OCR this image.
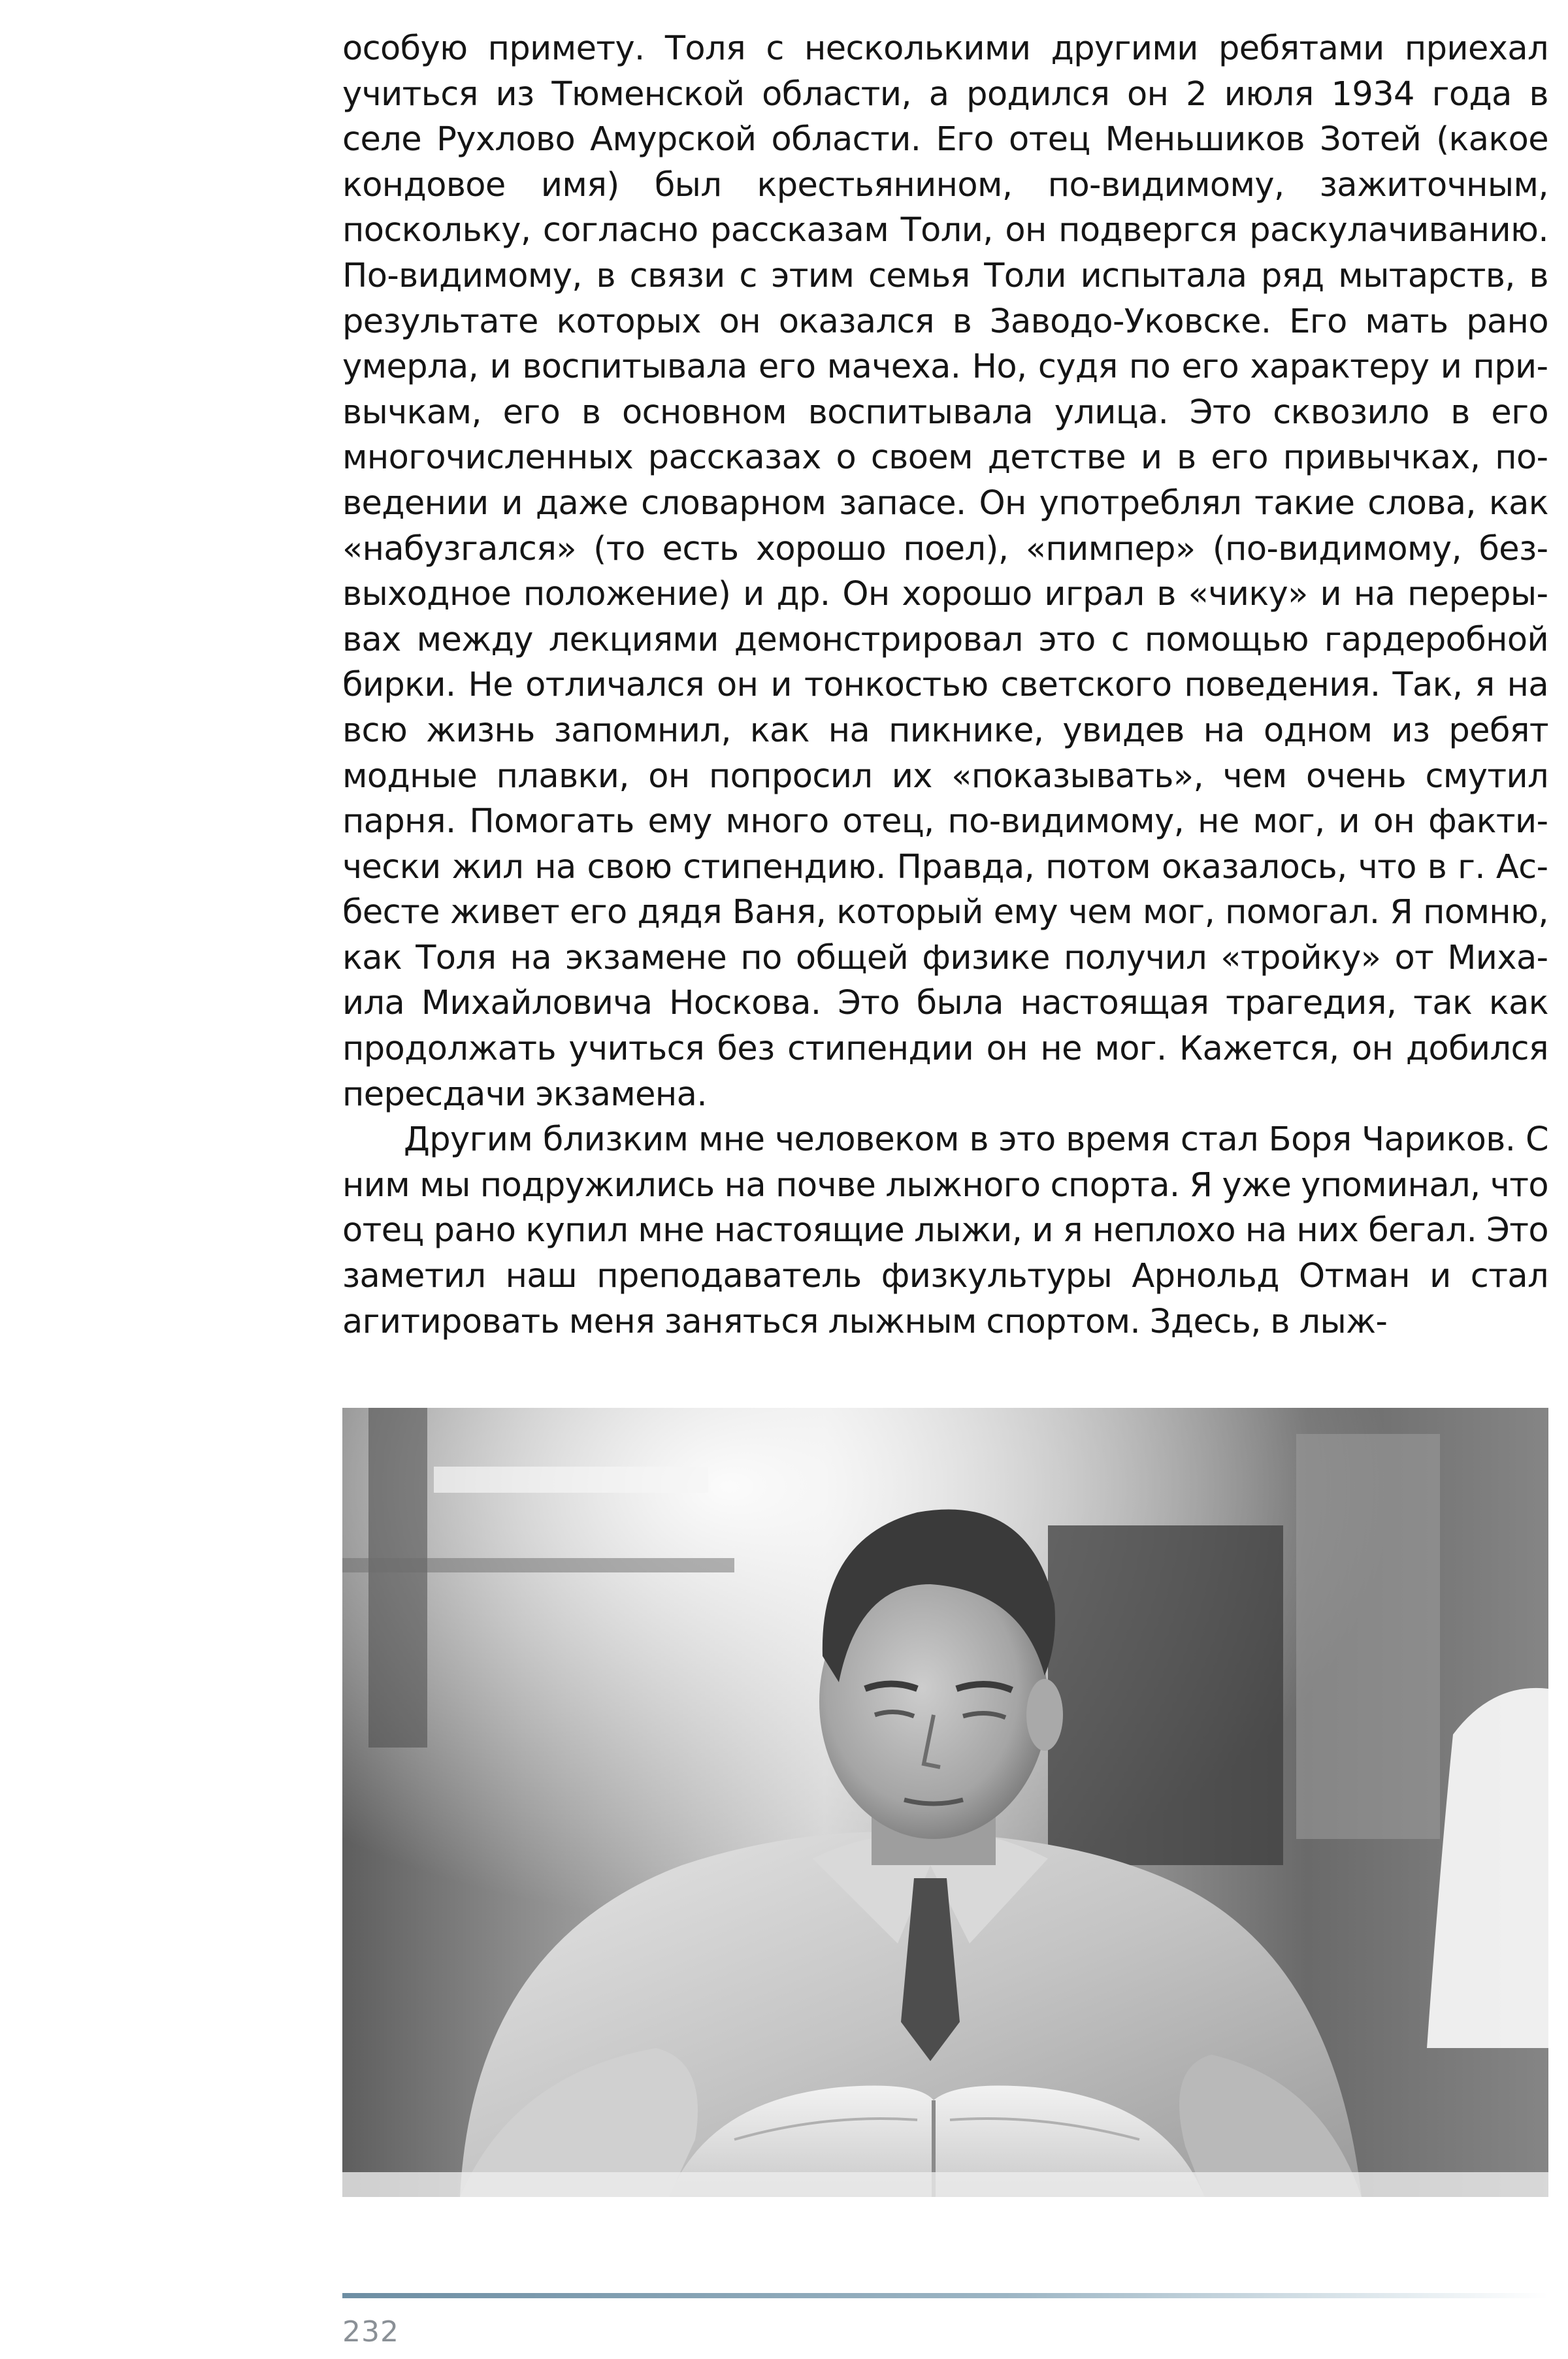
особую примету. Толя с несколькими другими ребятами приехал учиться из Тюменской области, а родился он 2 июля 1934 года в селе Рухлово Амурской области. Его отец Меньшиков Зотей (какое кондовое имя) был крестьянином, по-видимому, зажиточным, поскольку, согласно рассказам Толи, он подвергся раскулачиванию. По-видимому, в связи с этим семья Толи испытала ряд мытарств, в результате которых он оказался в Заводо-Уковске. Его мать рано умерла, и воспитывала его мачеха. Но, судя по его характеру и привычкам, его в основном воспитывала улица. Это сквозило в его многочисленных рассказах о своем детстве и в его привычках, поведении и даже словарном запасе. Он употреблял такие слова, как «набузгался» (то есть хорошо поел), «пимпер» (по-видимому, безвыходное положение) и др. Он хорошо играл в «чику» и на перерывах между лекциями демонстрировал это с помощью гардеробной бирки. Не отличался он и тонкостью светского поведения. Так, я на всю жизнь запомнил, как на пикнике, увидев на одном из ребят модные плавки, он попросил их «показывать», чем очень смутил парня. Помогать ему много отец, по-видимому, не мог, и он фактически жил на свою стипендию. Правда, потом оказалось, что в г. Асбесте живет его дядя Ваня, который ему чем мог, помогал. Я помню, как Толя на экзамене по общей физике получил «тройку» от Михаила Михайловича Носкова. Это была настоящая трагедия, так как продолжать учиться без стипендии он не мог. Кажется, он добился пересдачи экзамена.

Другим близким мне человеком в это время стал Боря Чариков. С ним мы подружились на почве лыжного спорта. Я уже упоминал, что отец рано купил мне настоящие лыжи, и я неплохо на них бегал. Это заметил наш преподаватель физкультуры Арнольд Отман и стал агитировать меня заняться лыжным спортом. Здесь, в лыж-

232
